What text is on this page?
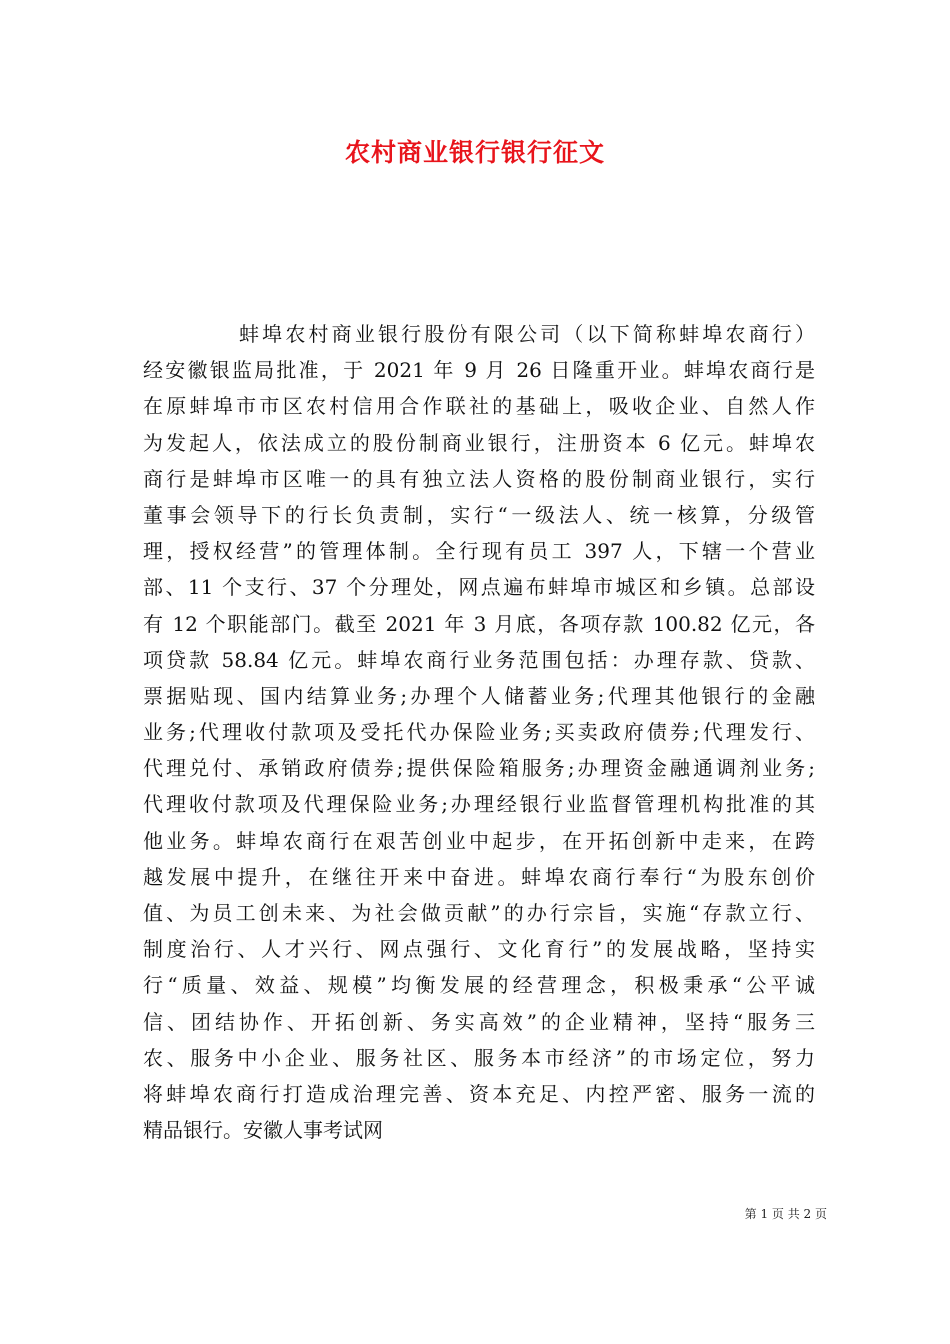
农村商业银行银行征文
蚌埠农村商业银行股份有限公司（以下简称蚌埠农商行）
经安徽银监局批准，于 2021 年 9 月 26 日隆重开业。蚌埠农商行是
在原蚌埠市市区农村信用合作联社的基础上，吸收企业、自然人作
为发起人，依法成立的股份制商业银行，注册资本 6 亿元。蚌埠农
商行是蚌埠市区唯一的具有独立法人资格的股份制商业银行，实行
董事会领导下的行长负责制，实行“一级法人、统一核算，分级管
理，授权经营”的管理体制。全行现有员工 397 人，下辖一个营业
部、11 个支行、37 个分理处，网点遍布蚌埠市城区和乡镇。总部设
有 12 个职能部门。截至 2021 年 3 月底，各项存款 100.82 亿元，各
项贷款 58.84 亿元。蚌埠农商行业务范围包括：办理存款、贷款、
票据贴现、国内结算业务;办理个人储蓄业务;代理其他银行的金融
业务;代理收付款项及受托代办保险业务;买卖政府债券;代理发行、
代理兑付、承销政府债券;提供保险箱服务;办理资金融通调剂业务;
代理收付款项及代理保险业务;办理经银行业监督管理机构批准的其
他业务。蚌埠农商行在艰苦创业中起步，在开拓创新中走来，在跨
越发展中提升，在继往开来中奋进。蚌埠农商行奉行“为股东创价
值、为员工创未来、为社会做贡献”的办行宗旨，实施“存款立行、
制度治行、人才兴行、网点强行、文化育行”的发展战略，坚持实
行“质量、效益、规模”均衡发展的经营理念，积极秉承“公平诚
信、团结协作、开拓创新、务实高效”的企业精神，坚持“服务三
农、服务中小企业、服务社区、服务本市经济”的市场定位，努力
将蚌埠农商行打造成治理完善、资本充足、内控严密、服务一流的
精品银行。安徽人事考试网
第 1 页 共 2 页
